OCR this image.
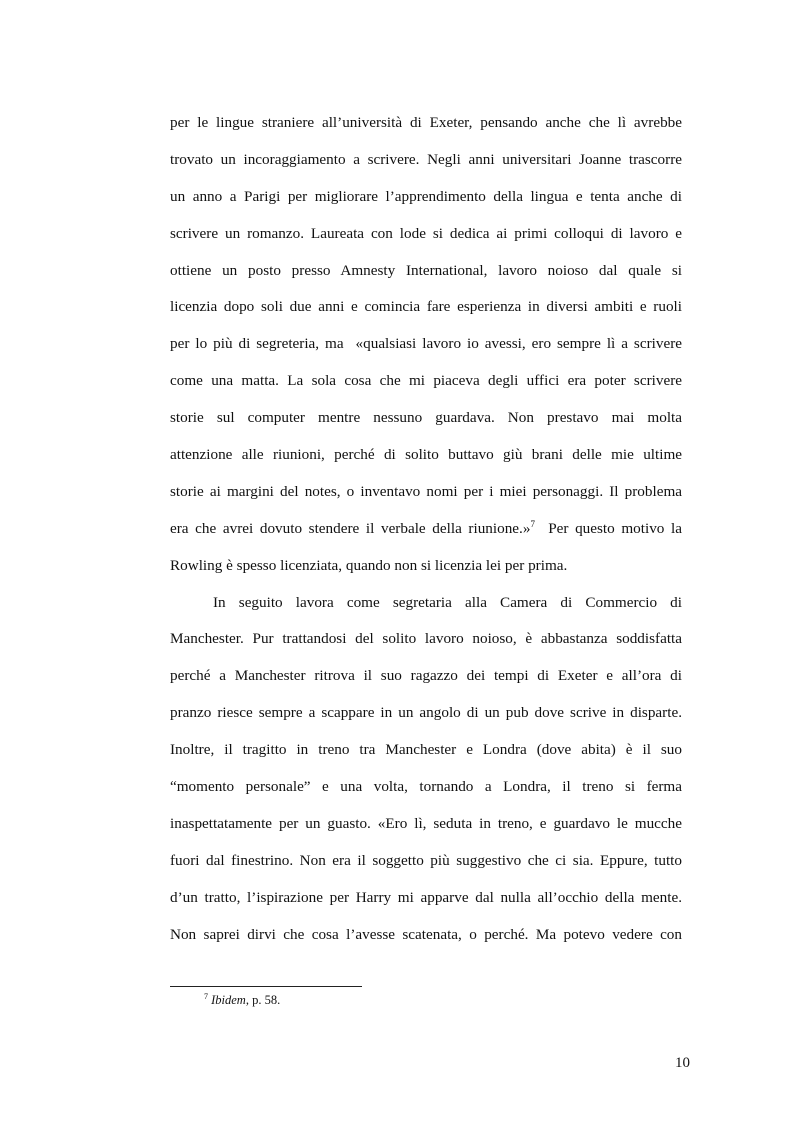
per le lingue straniere all’università di Exeter, pensando anche che lì avrebbe
trovato un incoraggiamento a scrivere. Negli anni universitari Joanne trascorre
un anno a Parigi per migliorare l’apprendimento della lingua e tenta anche di
scrivere un romanzo. Laureata con lode si dedica ai primi colloqui di lavoro e
ottiene un posto presso Amnesty International, lavoro noioso dal quale si
licenzia dopo soli due anni e comincia fare esperienza in diversi ambiti e ruoli
per lo più di segreteria, ma  «qualsiasi lavoro io avessi, ero sempre lì a scrivere
come una matta. La sola cosa che mi piaceva degli uffici era poter scrivere
storie sul computer mentre nessuno guardava. Non prestavo mai molta
attenzione alle riunioni, perché di solito buttavo giù brani delle mie ultime
storie ai margini del notes, o inventavo nomi per i miei personaggi. Il problema
era che avrei dovuto stendere il verbale della riunione.»$^7$  Per questo motivo la
Rowling è spesso licenziata, quando non si licenzia lei per prima.
In seguito lavora come segretaria alla Camera di Commercio di
Manchester. Pur trattandosi del solito lavoro noioso, è abbastanza soddisfatta
perché a Manchester ritrova il suo ragazzo dei tempi di Exeter e all’ora di
pranzo riesce sempre a scappare in un angolo di un pub dove scrive in disparte.
Inoltre, il tragitto in treno tra Manchester e Londra (dove abita) è il suo
“momento personale” e una volta, tornando a Londra, il treno si ferma
inaspettatamente per un guasto. «Ero lì, seduta in treno, e guardavo le mucche
fuori dal finestrino. Non era il soggetto più suggestivo che ci sia. Eppure, tutto
d’un tratto, l’ispirazione per Harry mi apparve dal nulla all’occhio della mente.
Non saprei dirvi che cosa l’avesse scatenata, o perché. Ma potevo vedere con
$^7$ Ibidem, p. 58.
10
